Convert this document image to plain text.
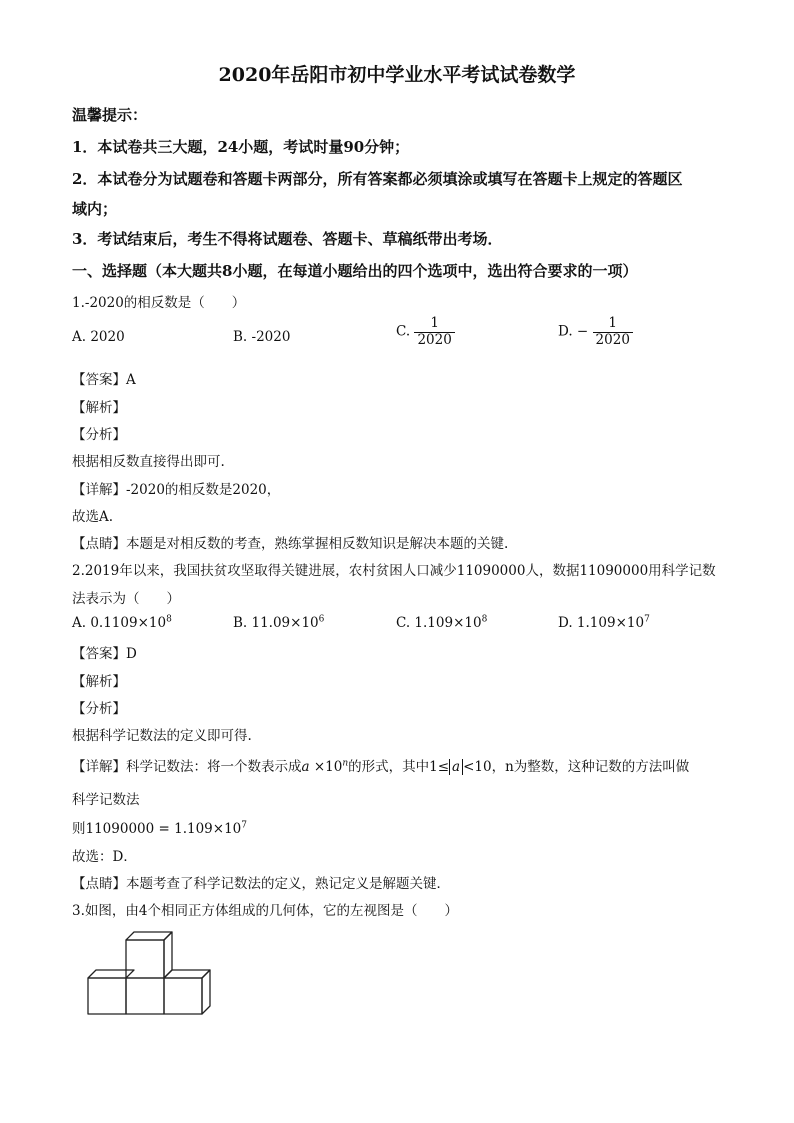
2020年岳阳市初中学业水平考试试卷数学
温馨提示：
1．本试卷共三大题，24小题，考试时量90分钟；
2．本试卷分为试题卷和答题卡两部分，所有答案都必须填涂或填写在答题卡上规定的答题区
域内；
3．考试结束后，考生不得将试题卷、答题卡、草稿纸带出考场．
一、选择题（本大题共8小题，在每道小题给出的四个选项中，选出符合要求的一项）
1.-2020的相反数是（　　）
A. 2020	B. -2020	C. $\frac{1}{2020}$	D. − $\frac{1}{2020}$
【答案】A
【解析】
【分析】
根据相反数直接得出即可.
【详解】-2020的相反数是2020，
故选A.
【点睛】本题是对相反数的考查，熟练掌握相反数知识是解决本题的关键.
2.2019年以来，我国扶贫攻坚取得关键进展，农村贫困人口减少11090000人，数据11090000用科学记数
法表示为（　　）
A. $0.1109\times 10^8$	B. $11.09\times 10^6$	C. $1.109\times 10^8$	D. $1.109\times 10^7$
【答案】D
【解析】
【分析】
根据科学记数法的定义即可得.
【详解】科学记数法：将一个数表示成$a \times 10^n$的形式，其中1≤ a <10，n为整数，这种记数的方法叫做
科学记数法
则$11090000 = 1.109\times 10^7$
故选：D．
【点睛】本题考查了科学记数法的定义，熟记定义是解题关键．
3.如图，由4个相同正方体组成的几何体，它的左视图是（　　）
